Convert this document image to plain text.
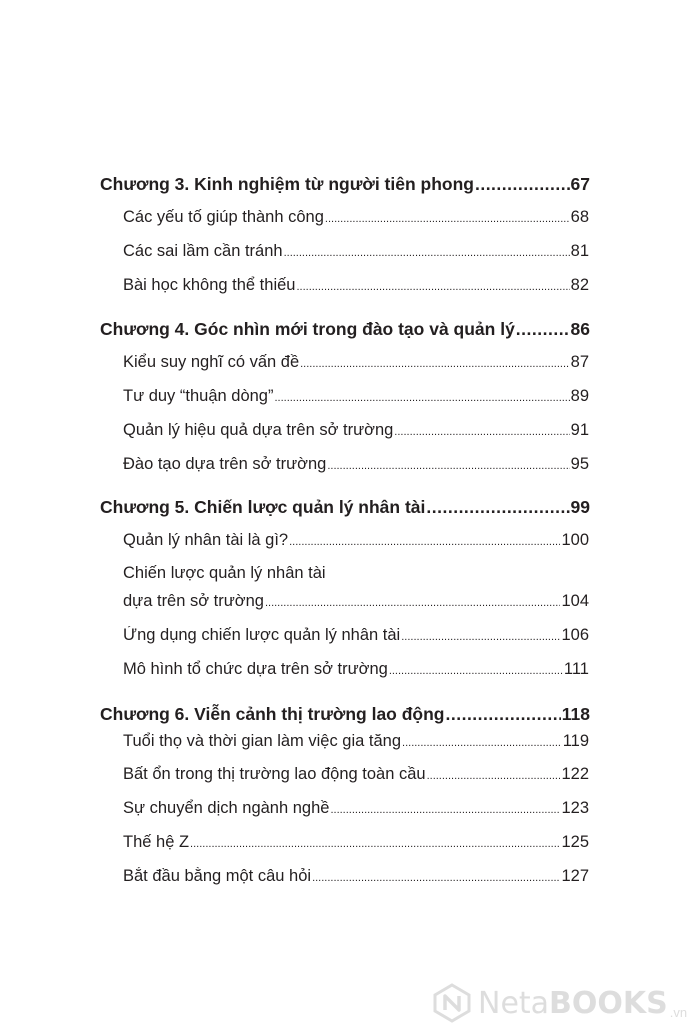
Chương 3. Kinh nghiệm từ người tiên phong .....	67
Các yếu tố giúp thành công .....	68
Các sai lầm cần tránh .....	81
Bài học không thể thiếu .....	82
Chương 4. Góc nhìn mới trong đào tạo và quản lý .....	86
Kiểu suy nghĩ có vấn đề .....	87
Tư duy “thuận dòng” .....	89
Quản lý hiệu quả dựa trên sở trường .....	91
Đào tạo dựa trên sở trường .....	95
Chương 5. Chiến lược quản lý nhân tài .....	99
Quản lý nhân tài là gì? .....	100
Chiến lược quản lý nhân tài
dựa trên sở trường .....	104
Ứng dụng chiến lược quản lý nhân tài .....	106
Mô hình tổ chức dựa trên sở trường .....	111
Chương 6. Viễn cảnh thị trường lao động .....	118
Tuổi thọ và thời gian làm việc gia tăng .....	119
Bất ổn trong thị trường lao động toàn cầu .....	122
Sự chuyển dịch ngành nghề .....	123
Thế hệ Z .....	125
Bắt đầu bằng một câu hỏi .....	127
NetaBOOKS .vn
